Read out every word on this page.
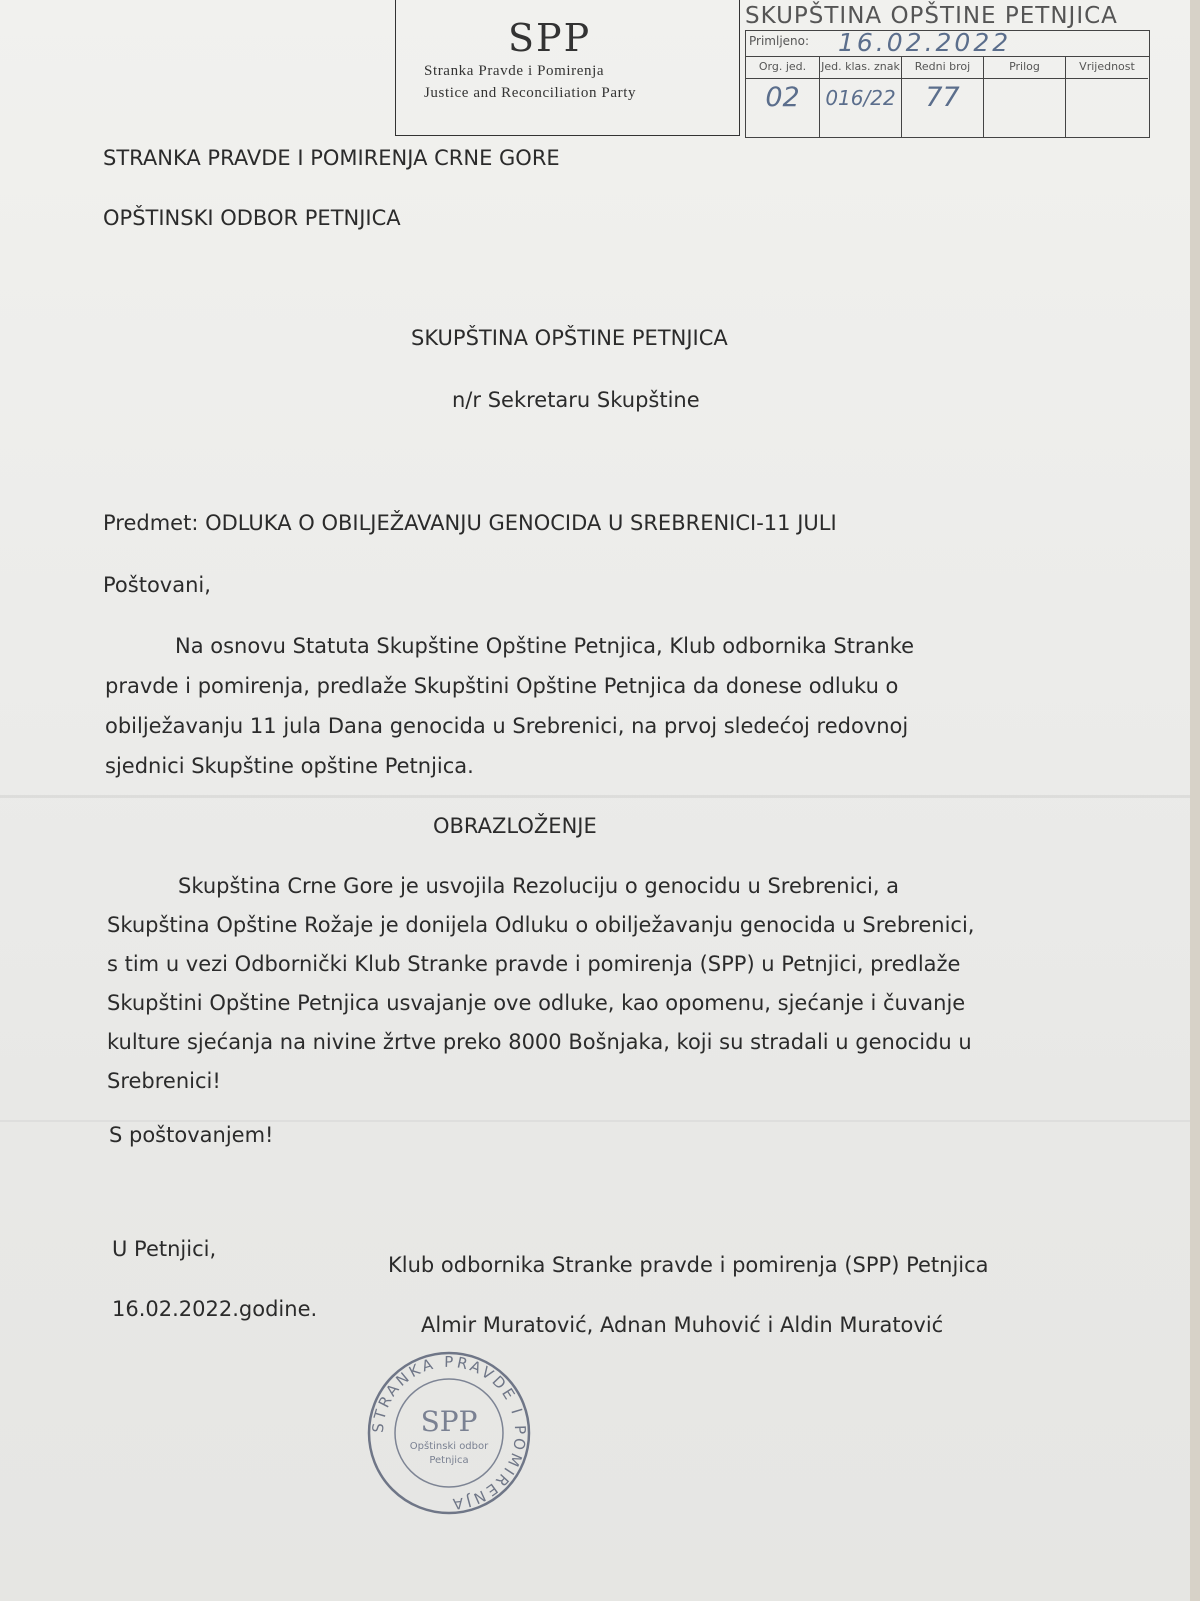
SPP
Stranka Pravde i Pomirenja
Justice and Reconciliation Party
SKUPŠTINA OPŠTINE PETNJICA
Primljeno: 16.02.2022
Org. jed.
02
Jed. klas. znak
016/22
Redni broj
77
Prilog	Vrijednost
STRANKA PRAVDE I POMIRENJA CRNE GORE
OPŠTINSKI ODBOR PETNJICA
SKUPŠTINA OPŠTINE PETNJICA
n/r Sekretaru Skupštine
Predmet: ODLUKA O OBILJEŽAVANJU GENOCIDA U SREBRENICI-11 JULI
Poštovani,
Na osnovu Statuta Skupštine Opštine Petnjica, Klub odbornika Stranke
pravde i pomirenja, predlaže Skupštini Opštine Petnjica da donese odluku o
obilježavanju 11 jula Dana genocida u Srebrenici, na prvoj sledećoj redovnoj
sjednici Skupštine opštine Petnjica.
OBRAZLOŽENJE
Skupština Crne Gore je usvojila Rezoluciju o genocidu u Srebrenici, a
Skupština Opštine Rožaje je donijela Odluku o obilježavanju genocida u Srebrenici,
s tim u vezi Odbornički Klub Stranke pravde i pomirenja (SPP) u Petnjici, predlaže
Skupštini Opštine Petnjica usvajanje ove odluke, kao opomenu, sjećanje i čuvanje
kulture sjećanja na nivine žrtve preko 8000 Bošnjaka, koji su stradali u genocidu u
Srebrenici!
S poštovanjem!
U Petnjici,
Klub odbornika Stranke pravde i pomirenja (SPP) Petnjica
16.02.2022.godine.
Almir Muratović, Adnan Muhović i Aldin Muratović
STRANKA PRAVDE I POMIRENJA
SPP
Opštinski odbor
Petnjica
